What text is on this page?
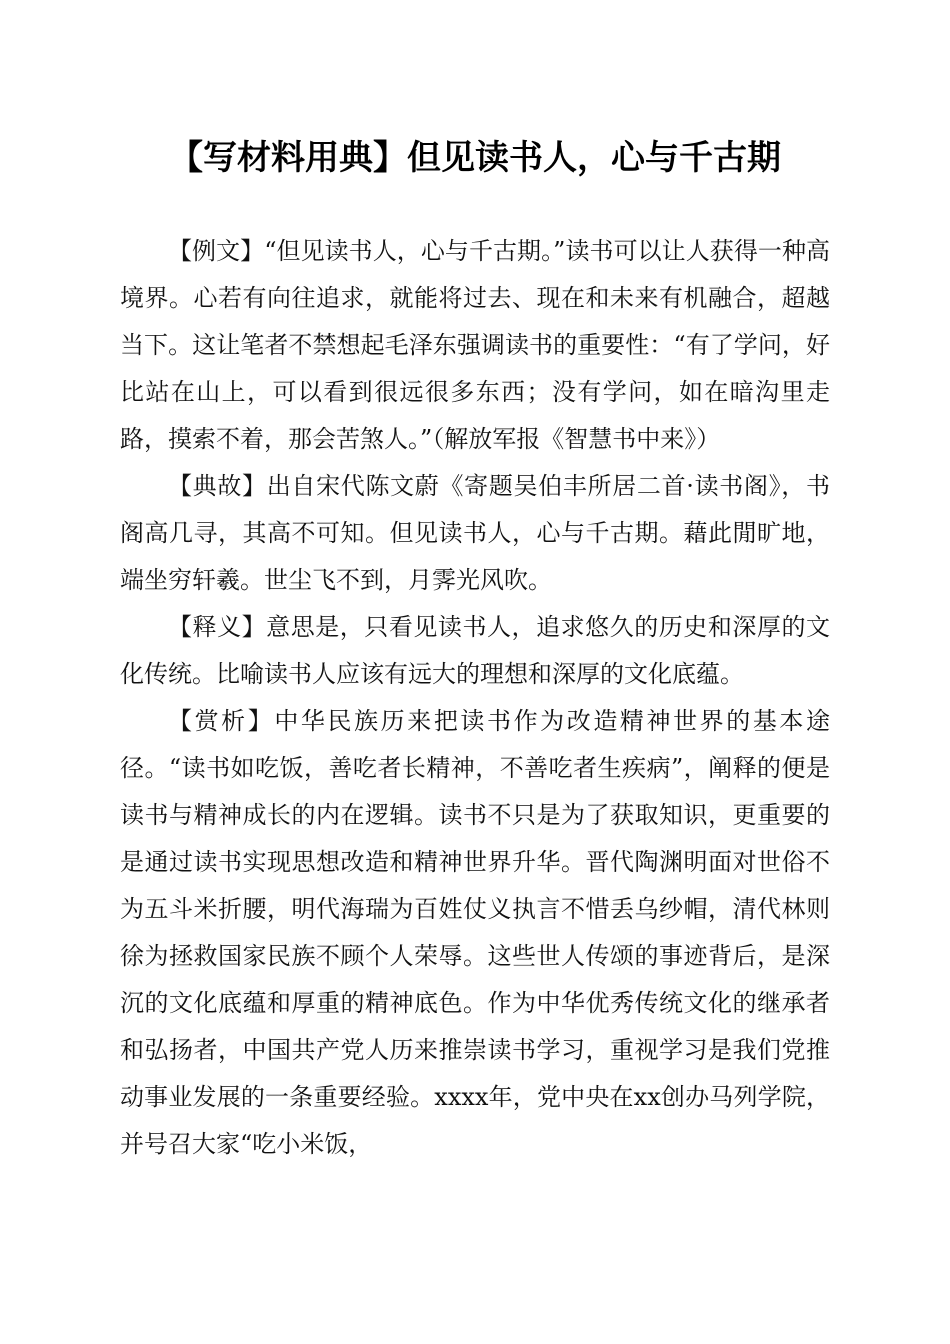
【写材料用典】但见读书人，心与千古期

【例文】“但见读书人，心与千古期。”读书可以让人获得一种高境界。心若有向往追求，就能将过去、现在和未来有机融合，超越当下。这让笔者不禁想起毛泽东强调读书的重要性：“有了学问，好比站在山上，可以看到很远很多东西；没有学问，如在暗沟里走路，摸索不着，那会苦煞人。”（解放军报《智慧书中来》）

【典故】出自宋代陈文蔚《寄题吴伯丰所居二首·读书阁》，书阁高几寻，其高不可知。但见读书人，心与千古期。藉此閒旷地，端坐穷轩羲。世尘飞不到，月霁光风吹。

【释义】意思是，只看见读书人，追求悠久的历史和深厚的文化传统。比喻读书人应该有远大的理想和深厚的文化底蕴。

【赏析】中华民族历来把读书作为改造精神世界的基本途径。“读书如吃饭，善吃者长精神，不善吃者生疾病”，阐释的便是读书与精神成长的内在逻辑。读书不只是为了获取知识，更重要的是通过读书实现思想改造和精神世界升华。晋代陶渊明面对世俗不为五斗米折腰，明代海瑞为百姓仗义执言不惜丢乌纱帽，清代林则徐为拯救国家民族不顾个人荣辱。这些世人传颂的事迹背后，是深沉的文化底蕴和厚重的精神底色。作为中华优秀传统文化的继承者和弘扬者，中国共产党人历来推崇读书学习，重视学习是我们党推动事业发展的一条重要经验。xxxx年，党中央在xx创办马列学院，并号召大家“吃小米饭，
